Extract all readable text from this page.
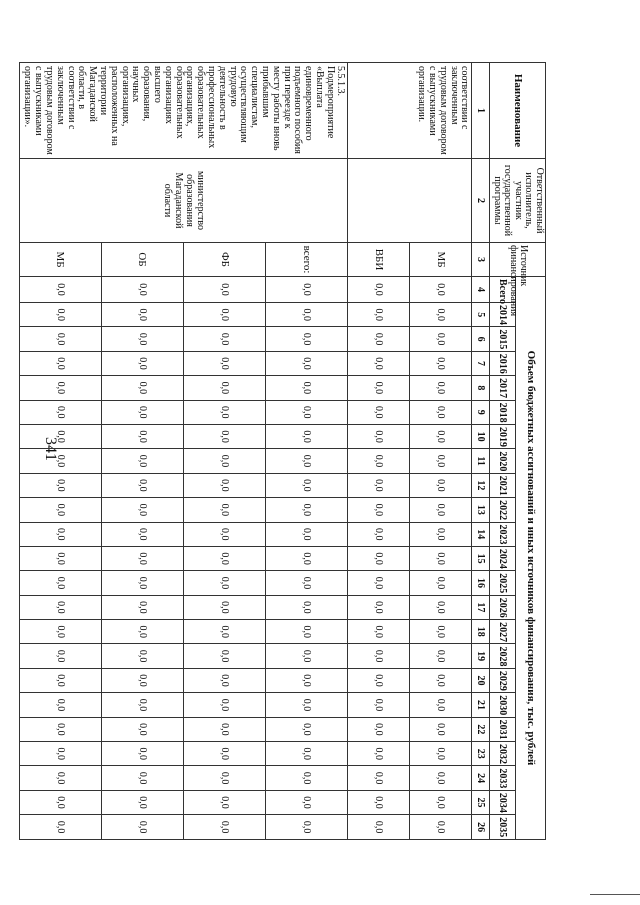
341
Наименование	Ответственный исполнитель, участник государственной программы	Источник финансирования	Объем бюджетных ассигнований и иных источников финансирования, тыс. рублей																						
			Всего	2014	2015	2016	2017	2018	2019	2020	2021	2022	2023	2024	2025	2026	2027	2028	2029	2030	2031	2032	2033	2034	2035
1	2	3	4	5	6	7	8	9	10	11	12	13	14	15	16	17	18	19	20	21	22	23	24	25	26
соответствии с заключенным трудовым договором с выпускниками организации.		МБ	0,0	0,0	0,0	0,0	0,0	0,0	0,0	0,0	0,0	0,0	0,0	0,0	0,0	0,0	0,0	0,0	0,0	0,0	0,0	0,0	0,0	0,0	0,0
		ВБИ	0,0	0,0	0,0	0,0	0,0	0,0	0,0	0,0	0,0	0,0	0,0	0,0	0,0	0,0	0,0	0,0	0,0	0,0	0,0	0,0	0,0	0,0	0,0
5.5.1.3. Подмероприятие «Выплата единовременного подъемного пособия при переезде к месту работы вновь прибывшим специалистам, осуществляющим трудовую деятельность в профессиональных образовательных организациях, образовательных организациях высшего образования, научных организациях, расположенных на территории Магаданской области, в соответствии с заключенным трудовым договором с выпускниками организации».	министерство образования Магаданской области	всего:	0,0	0,0	0,0	0,0	0,0	0,0	0,0	0,0	0,0	0,0	0,0	0,0	0,0	0,0	0,0	0,0	0,0	0,0	0,0	0,0	0,0	0,0	0,0
		ФБ	0,0	0,0	0,0	0,0	0,0	0,0	0,0	0,0	0,0	0,0	0,0	0,0	0,0	0,0	0,0	0,0	0,0	0,0	0,0	0,0	0,0	0,0	0,0
		ОБ	0,0	0,0	0,0	0,0	0,0	0,0	0,0	0,0	0,0	0,0	0,0	0,0	0,0	0,0	0,0	0,0	0,0	0,0	0,0	0,0	0,0	0,0	0,0
		МБ	0,0	0,0	0,0	0,0	0,0	0,0	0,0	0,0	0,0	0,0	0,0	0,0	0,0	0,0	0,0	0,0	0,0	0,0	0,0	0,0	0,0	0,0	0,0
